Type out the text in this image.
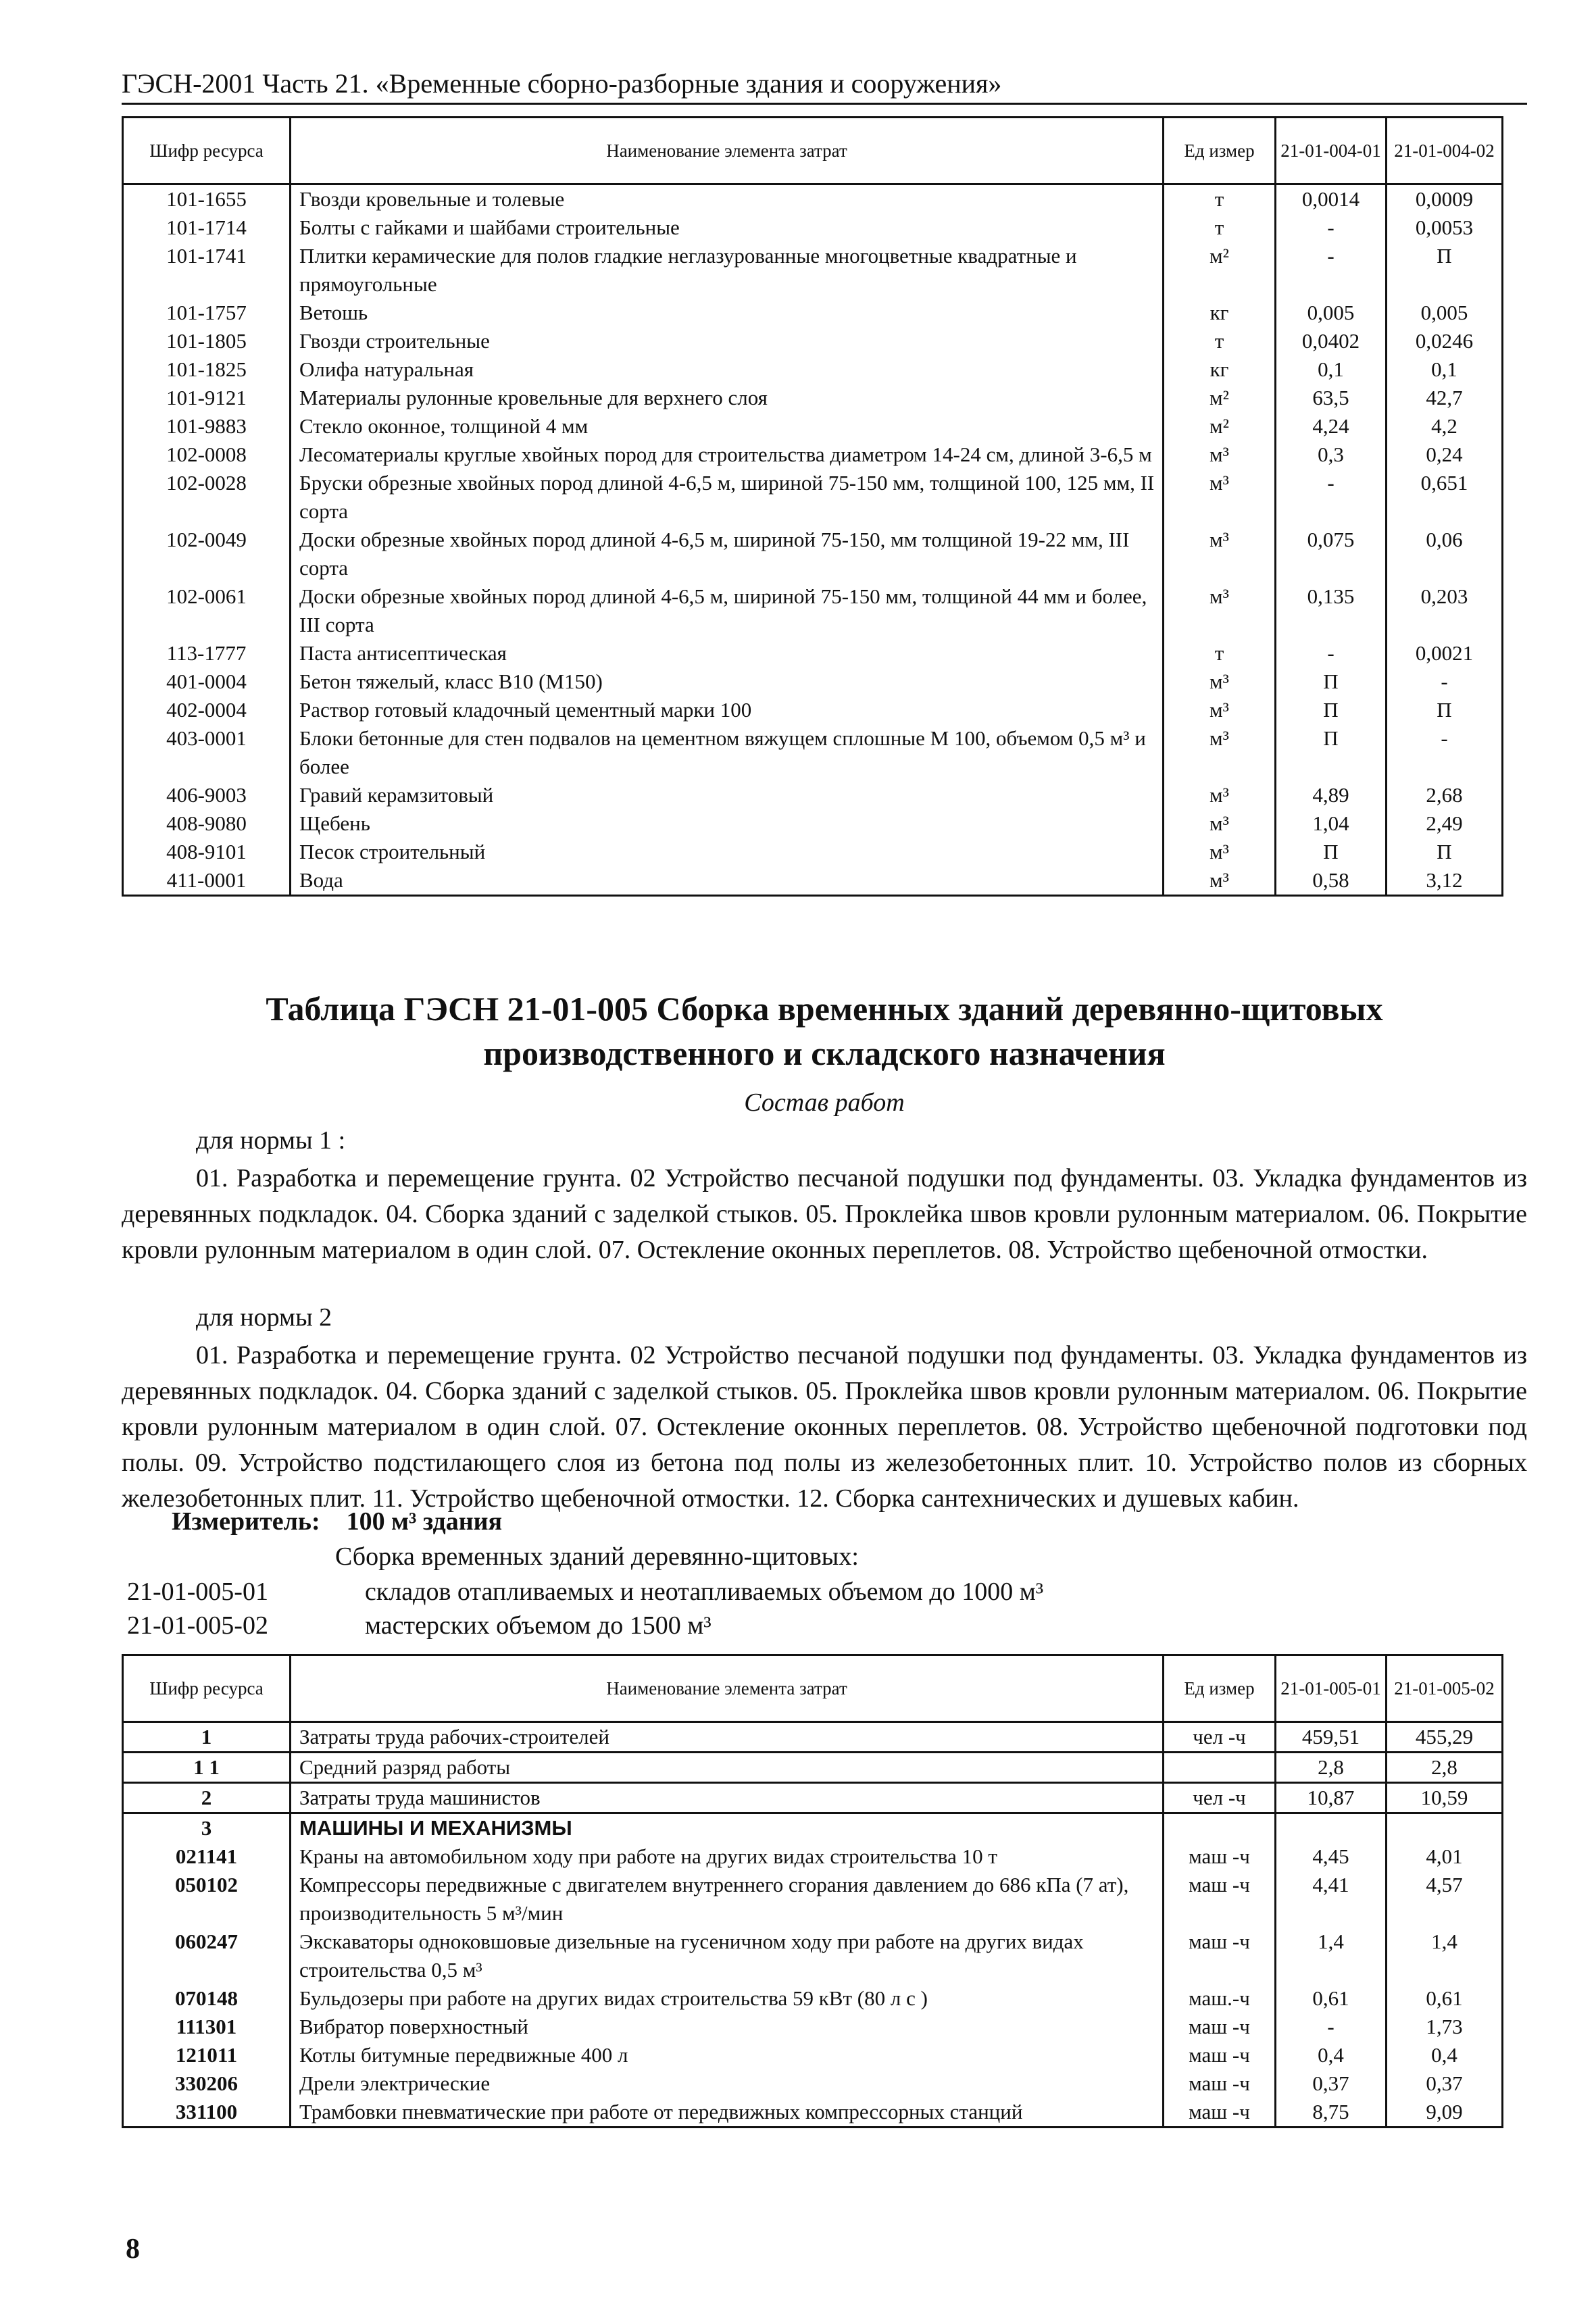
ГЭСН-2001 Часть 21. «Временные сборно-разборные здания и сооружения»
Шифр ресурса	Наименование элемента затрат	Ед измер	21-01-004-01	21-01-004-02
101-1655	Гвозди кровельные и толевые	т	0,0014	0,0009
101-1714	Болты с гайками и шайбами строительные	т	-	0,0053
101-1741	Плитки керамические для полов гладкие неглазурованные многоцветные квадратные и прямоугольные	м²	-	П
101-1757	Ветошь	кг	0,005	0,005
101-1805	Гвозди строительные	т	0,0402	0,0246
101-1825	Олифа натуральная	кг	0,1	0,1
101-9121	Материалы рулонные кровельные для верхнего слоя	м²	63,5	42,7
101-9883	Стекло оконное, толщиной 4 мм	м²	4,24	4,2
102-0008	Лесоматериалы круглые хвойных пород для строительства диаметром 14-24 см, длиной 3-6,5 м	м³	0,3	0,24
102-0028	Бруски обрезные хвойных пород длиной 4-6,5 м, шириной 75-150 мм, толщиной 100, 125 мм, II сорта	м³	-	0,651
102-0049	Доски обрезные хвойных пород длиной 4-6,5 м, шириной 75-150, мм толщиной 19-22 мм, III сорта	м³	0,075	0,06
102-0061	Доски обрезные хвойных пород длиной 4-6,5 м, шириной 75-150 мм, толщиной 44 мм и более, III сорта	м³	0,135	0,203
113-1777	Паста антисептическая	т	-	0,0021
401-0004	Бетон тяжелый, класс В10 (М150)	м³	П	-
402-0004	Раствор готовый кладочный цементный марки 100	м³	П	П
403-0001	Блоки бетонные для стен подвалов на цементном вяжущем сплошные М 100, объемом 0,5 м³ и более	м³	П	-
406-9003	Гравий керамзитовый	м³	4,89	2,68
408-9080	Щебень	м³	1,04	2,49
408-9101	Песок строительный	м³	П	П
411-0001	Вода	м³	0,58	3,12
Таблица ГЭСН 21-01-005 Сборка временных зданий деревянно-щитовых производственного и складского назначения
Состав работ
для нормы 1 :
01. Разработка и перемещение грунта. 02 Устройство песчаной подушки под фундаменты. 03. Укладка фундаментов из деревянных подкладок. 04. Сборка зданий с заделкой стыков. 05. Проклейка швов кровли рулонным материалом. 06. Покрытие кровли рулонным материалом в один слой. 07. Остекление оконных переплетов. 08. Устройство щебеночной отмостки.
для нормы 2
01. Разработка и перемещение грунта. 02 Устройство песчаной подушки под фундаменты. 03. Укладка фундаментов из деревянных подкладок. 04. Сборка зданий с заделкой стыков. 05. Проклейка швов кровли рулонным материалом. 06. Покрытие кровли рулонным материалом в один слой. 07. Остекление оконных переплетов. 08. Устройство щебеночной подготовки под полы. 09. Устройство подстилающего слоя из бетона под полы из железобетонных плит. 10. Устройство полов из сборных железобетонных плит. 11. Устройство щебеночной отмостки. 12. Сборка сантехнических и душевых кабин.
Измеритель: 100 м³ здания
Сборка временных зданий деревянно-щитовых:
21-01-005-01	складов отапливаемых и неотапливаемых объемом до 1000 м³
21-01-005-02	мастерских объемом до 1500 м³
Шифр ресурса	Наименование элемента затрат	Ед измер	21-01-005-01	21-01-005-02
1	Затраты труда рабочих-строителей	чел -ч	459,51	455,29
1 1	Средний разряд работы		2,8	2,8
2	Затраты труда машинистов	чел -ч	10,87	10,59
3	МАШИНЫ И МЕХАНИЗМЫ			
021141	Краны на автомобильном ходу при работе на других видах строительства 10 т	маш -ч	4,45	4,01
050102	Компрессоры передвижные с двигателем внутреннего сгорания давлением до 686 кПа (7 ат), производительность 5 м³/мин	маш -ч	4,41	4,57
060247	Экскаваторы одноковшовые дизельные на гусеничном ходу при работе на других видах строительства 0,5 м³	маш -ч	1,4	1,4
070148	Бульдозеры при работе на других видах строительства 59 кВт (80 л с )	маш.-ч	0,61	0,61
111301	Вибратор поверхностный	маш -ч	-	1,73
121011	Котлы битумные передвижные 400 л	маш -ч	0,4	0,4
330206	Дрели электрические	маш -ч	0,37	0,37
331100	Трамбовки пневматические при работе от передвижных компрессорных станций	маш -ч	8,75	9,09
8
